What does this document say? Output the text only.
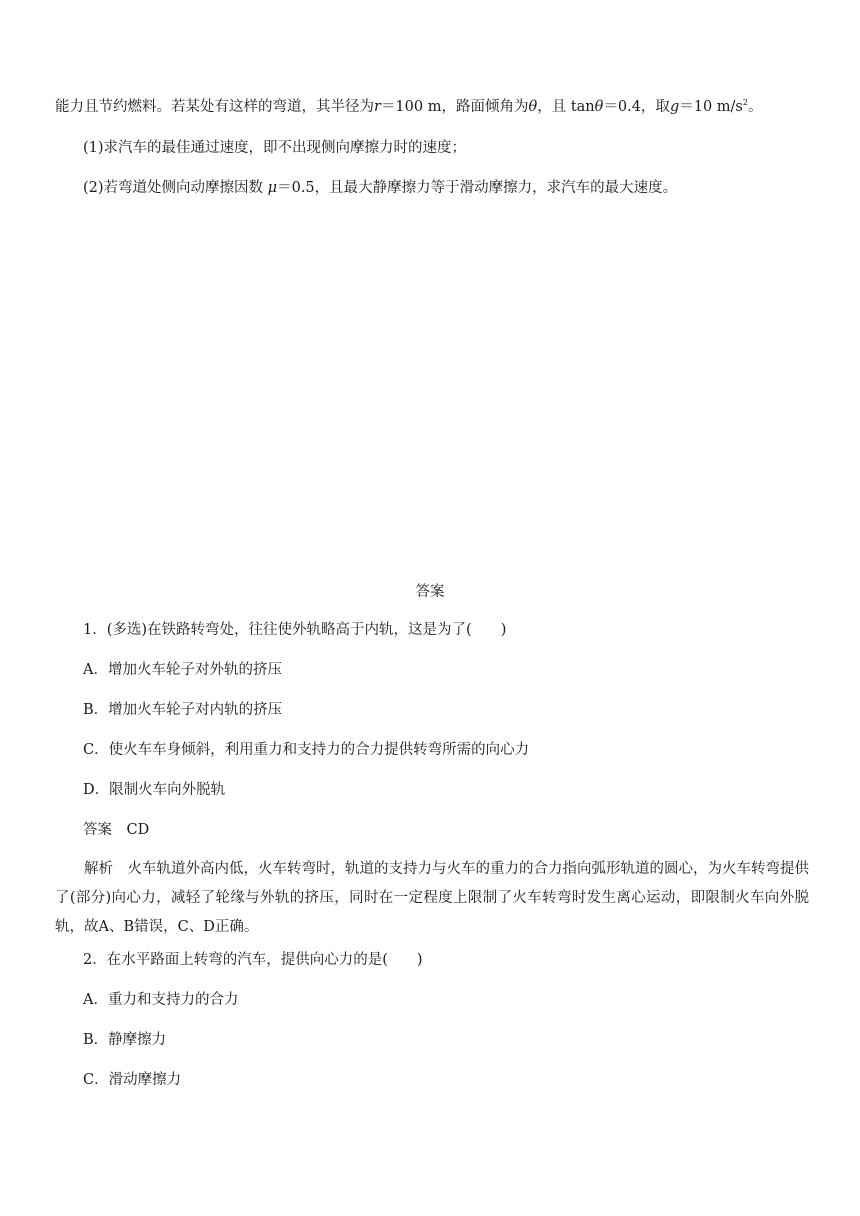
能力且节约燃料。若某处有这样的弯道，其半径为r＝100 m，路面倾角为θ，且 tanθ＝0.4，取g＝10 $m/s^2$。
(1)求汽车的最佳通过速度，即不出现侧向摩擦力时的速度；
(2)若弯道处侧向动摩擦因数 μ＝0.5，且最大静摩擦力等于滑动摩擦力，求汽车的最大速度。
答案
1．(多选)在铁路转弯处，往往使外轨略高于内轨，这是为了(　　)
A．增加火车轮子对外轨的挤压
B．增加火车轮子对内轨的挤压
C．使火车车身倾斜，利用重力和支持力的合力提供转弯所需的向心力
D．限制火车向外脱轨
答案　CD
解析　火车轨道外高内低，火车转弯时，轨道的支持力与火车的重力的合力指向弧形轨道的圆心，为火车转弯提供了(部分)向心力，减轻了轮缘与外轨的挤压，同时在一定程度上限制了火车转弯时发生离心运动，即限制火车向外脱轨，故A、B错误，C、D正确。
2．在水平路面上转弯的汽车，提供向心力的是(　　)
A．重力和支持力的合力
B．静摩擦力
C．滑动摩擦力
